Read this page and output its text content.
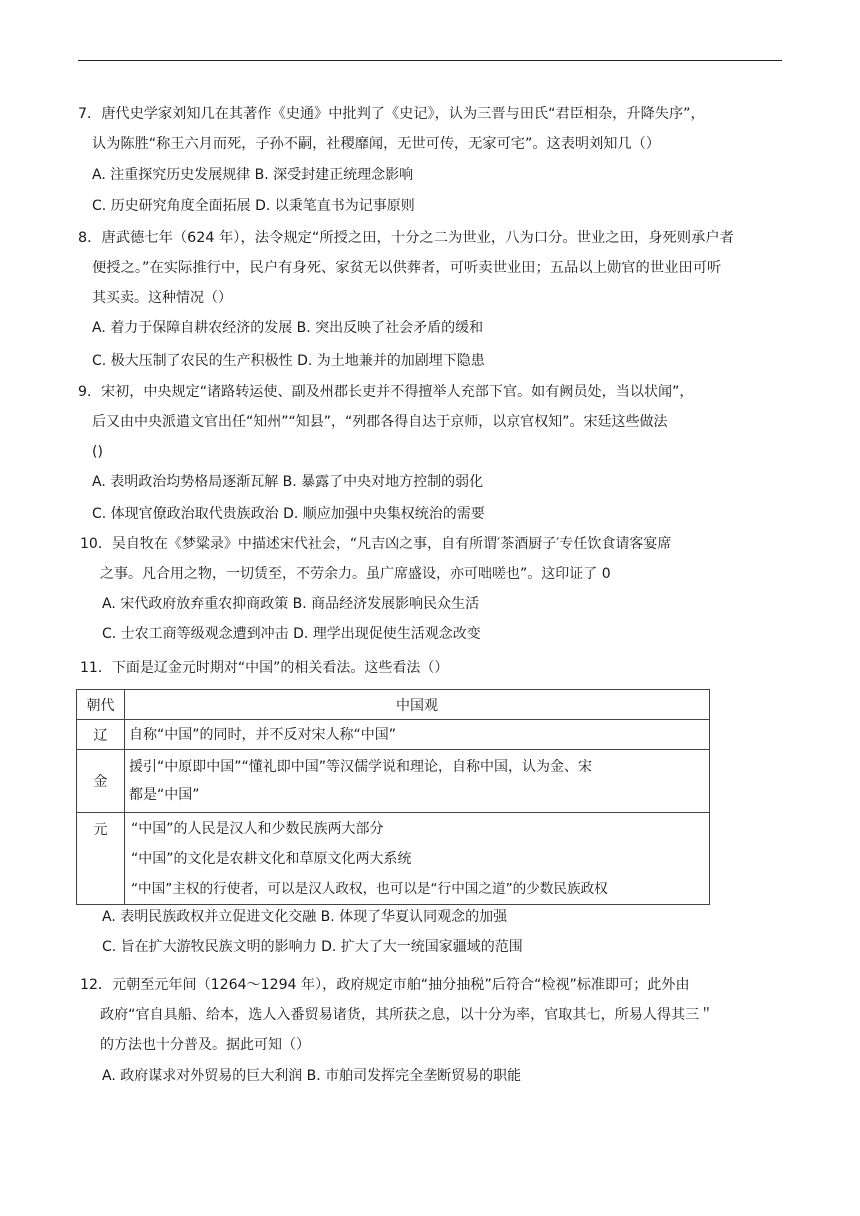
7．唐代史学家刘知几在其著作《史通》中批判了《史记》，认为三晋与田氏“君臣相杂，升降失序”，
认为陈胜“称王六月而死，子孙不嗣，社稷靡闻，无世可传，无家可宅”。这表明刘知几（）
A. 注重探究历史发展规律 B. 深受封建正统理念影响
C. 历史研究角度全面拓展 D. 以秉笔直书为记事原则
8．唐武德七年（624 年），法令规定“所授之田，十分之二为世业，八为口分。世业之田，身死则承户者
便授之。”在实际推行中，民户有身死、家贫无以供葬者，可听卖世业田；五品以上勋官的世业田可听
其买卖。这种情况（）
A. 着力于保障自耕农经济的发展 B. 突出反映了社会矛盾的缓和
C. 极大压制了农民的生产积极性 D. 为土地兼并的加剧埋下隐患
9．宋初，中央规定“诸路转运使、副及州郡长吏并不得擅举人充部下官。如有阙员处，当以状闻”，
后又由中央派遣文官出任“知州”“知县”，“列郡各得自达于京师，以京官权知”。宋廷这些做法
()
A. 表明政治均势格局逐渐瓦解 B. 暴露了中央对地方控制的弱化
C. 体现官僚政治取代贵族政治 D. 顺应加强中央集权统治的需要
10．吴自牧在《梦粱录》中描述宋代社会，“凡吉凶之事，自有所谓′茶酒厨子′专任饮食请客宴席
之事。凡合用之物，一切赁至，不劳余力。虽广席盛设，亦可咄嗟也”。这印证了 0
A. 宋代政府放弃重农抑商政策 B. 商品经济发展影响民众生活
C. 士农工商等级观念遭到冲击 D. 理学出现促使生活观念改变
11．下面是辽金元时期对“中国”的相关看法。这些看法（）
朝代	中国观
辽	自称“中国”的同时，并不反对宋人称“中国”

金	援引“中原即中国”“懂礼即中国”等汉儒学说和理论，自称中国，认为金、宋
都是“中国”

元	“中国”的人民是汉人和少数民族两大部分
“中国”的文化是农耕文化和草原文化两大系统
“中国”主权的行使者，可以是汉人政权，也可以是“行中国之道”的少数民族政权
A. 表明民族政权并立促进文化交融 B. 体现了华夏认同观念的加强
C. 旨在扩大游牧民族文明的影响力 D. 扩大了大一统国家疆域的范围
12．元朝至元年间（1264～1294 年），政府规定市舶“抽分抽税”后符合“检视”标准即可；此外由
政府“官自具船、给本，选人入番贸易诸货，其所获之息，以十分为率，官取其七，所易人得其三＂
的方法也十分普及。据此可知（）
A. 政府谋求对外贸易的巨大利润 B. 市舶司发挥完全垄断贸易的职能
